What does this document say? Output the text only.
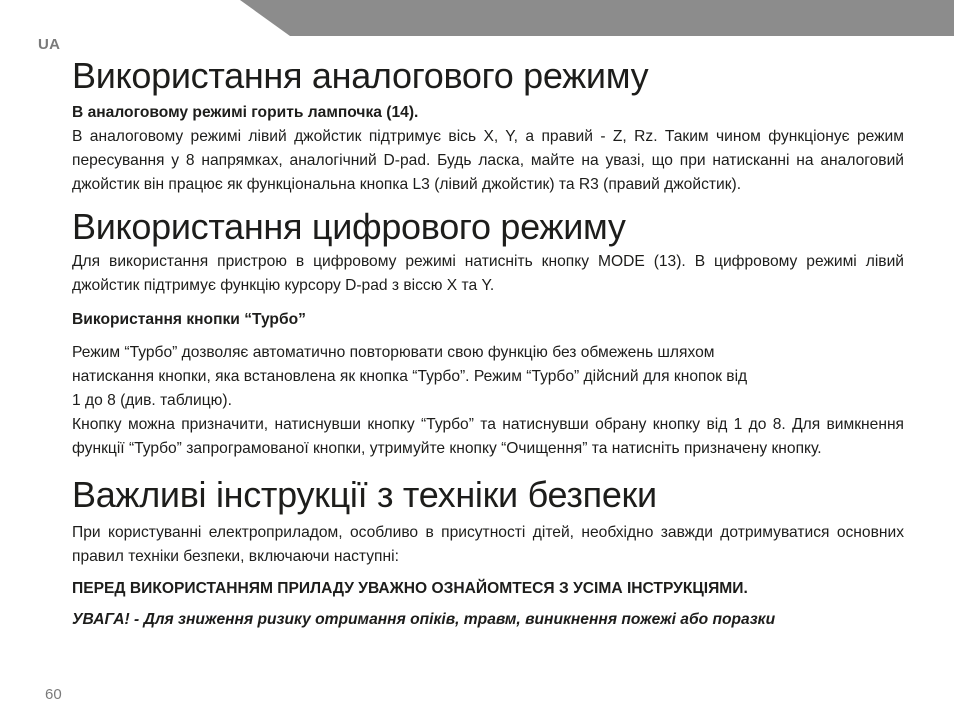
UA
Використання аналогового режиму

В аналоговому режимі горить лампочка (14).

В аналоговому режимі лівий джойстик підтримує вісь X, Y, а правий - Z, Rz. Таким чином функціонує режим пересування у 8 напрямках, аналогічний D-pad. Будь ласка, майте на увазі, що при натисканні на аналоговий джойстик він працює як функціональна кнопка L3 (лівий джойстик) та R3 (правий джойстик).

Використання цифрового режиму

Для використання пристрою в цифровому режимі натисніть кнопку MODE (13). В цифровому режимі лівий джойстик підтримує функцію курсору D-pad з віссю X та Y.

Використання кнопки “Турбо”

Режим “Турбо” дозволяє автоматично повторювати свою функцію без обмежень шляхом
натискання кнопки, яка встановлена як кнопка “Турбо”. Режим “Турбо” дійсний для кнопок від
1 до 8 (див. таблицю).

Кнопку можна призначити, натиснувши кнопку “Турбо” та натиснувши обрану кнопку від 1 до 8. Для вимкнення функції “Турбо” запрограмованої кнопки, утримуйте кнопку “Очищення” та натисніть призначену кнопку.

Важливі інструкції з техніки безпеки

При користуванні електроприладом, особливо в присутності дітей, необхідно завжди дотримуватися основних правил техніки безпеки, включаючи наступні:

ПЕРЕД ВИКОРИСТАННЯМ ПРИЛАДУ УВАЖНО ОЗНАЙОМТЕСЯ З УСІМА ІНСТРУКЦІЯМИ.

УВАГА! - Для зниження ризику отримання опіків, травм, виникнення пожежі або поразки

60
